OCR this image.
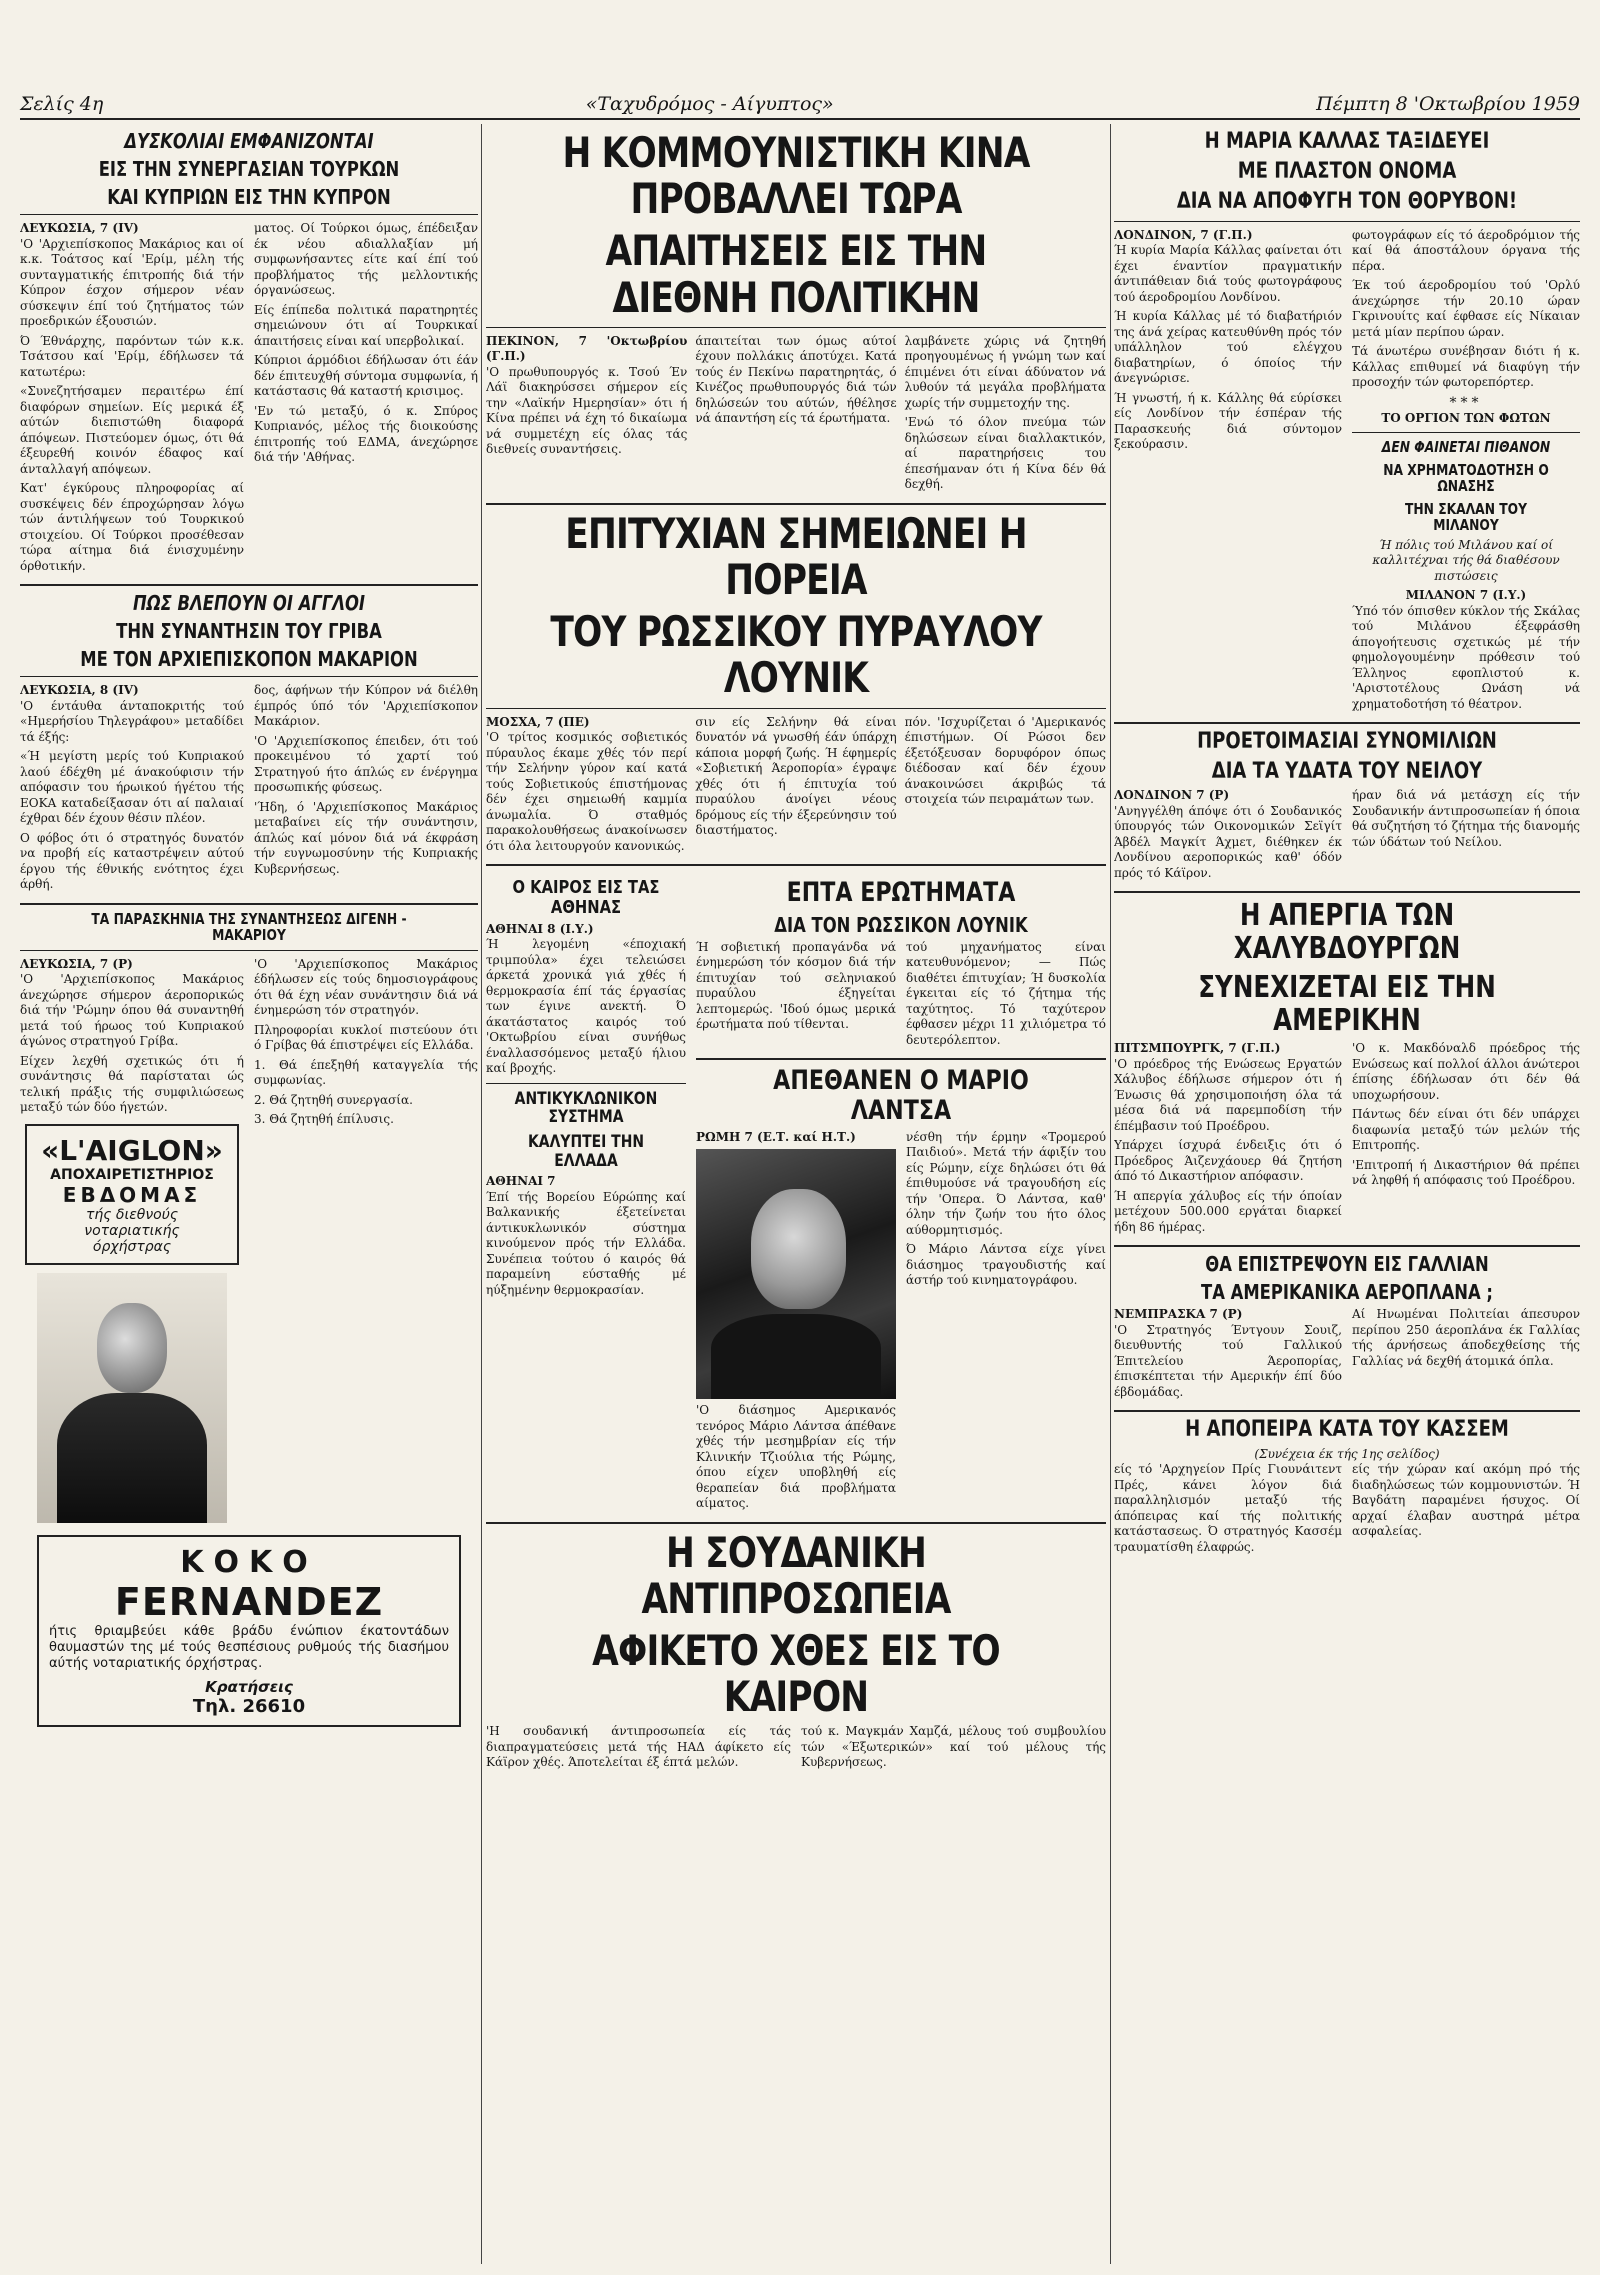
Σελίς 4η	«Ταχυδρόμος - Αίγυπτος»	Πέμπτη 8 'Οκτωβρίου 1959
ΔΥΣΚΟΛΙΑΙ ΕΜΦΑΝΙΖΟΝΤΑΙ
ΕΙΣ ΤΗΝ ΣΥΝΕΡΓΑΣΙΑΝ ΤΟΥΡΚΩΝ
ΚΑΙ ΚΥΠΡΙΩΝ ΕΙΣ ΤΗΝ ΚΥΠΡΟΝ

ΛΕΥΚΩΣΙΑ, 7 (IV)

'Ο 'Αρχιεπίσκοπος Μακάριος και οί κ.κ. Τοάτσος καί 'Ερίμ, μέλη τής συνταγματικής έπιτροπής διά τήν Κύπρον έσχον σήμερον νέαν σύσκεψιν έπί τού ζητήματος τών προεδρικών έξουσιών.

Ό Έθνάρχης, παρόντων τών κ.κ. Τσάτσου καί 'Ερίμ, έδήλωσεν τά κατωτέρω:

«Συνεζητήσαμεν περαιτέρω έπί διαφόρων σημείων. Είς μερικά έξ αύτών διεπιστώθη διαφορά άπόψεων. Πιστεύομεν όμως, ότι θά έξευρεθή κοινόν έδαφος καί άνταλλαγή απόψεων.

Κατ' έγκύρους πληροφορίας αί συσκέψεις δέν έπροχώρησαν λόγω τών άντιλήψεων τού Τουρκικού στοιχείου. Οί Τούρκοι προσέθεσαν τώρα αίτημα διά ένισχυμένην όρθοτικήν.

ματος. Οί Τούρκοι όμως, έπέδειξαν έκ νέου αδιαλλαξίαν μή συμφωνήσαντες είτε καί έπί τού προβλήματος τής μελλοντικής όργανώσεως.

Είς έπίπεδα πολιτικά παρατηρητές σημειώνουν ότι αί Τουρκικαί άπαιτήσεις είναι καί υπερβολικαί.

Κύπριοι άρμόδιοι έδήλωσαν ότι έάν δέν έπιτευχθή σύντομα συμφωνία, ή κατάστασις θά καταστή κρισιμος.

'Εν τώ μεταξύ, ό κ. Σπύρος Κυπριανός, μέλος τής διοικούσης έπιτροπής τού ΕΔΜΑ, άνεχώρησε διά τήν 'Αθήνας.

ΠΩΣ ΒΛΕΠΟΥΝ ΟΙ ΑΓΓΛΟΙ
ΤΗΝ ΣΥΝΑΝΤΗΣΙΝ ΤΟΥ ΓΡΙΒΑ
ΜΕ ΤΟΝ ΑΡΧΙΕΠΙΣΚΟΠΟΝ ΜΑΚΑΡΙΟΝ

ΛΕΥΚΩΣΙΑ, 8 (IV)

'Ο έντάυθα άνταποκριτής τού «Ημερήσίου Τηλεγράφου» μεταδίδει τά έξής:

«Ή μεγίστη μερίς τού Κυπριακού λαού έδέχθη μέ άνακούφισιν τήν απόφασιν του ήρωικού ήγέτου τής ΕΟΚΑ καταδείξασαν ότι αί παλαιαί έχθραι δέν έχουν θέσιν πλέον.

Ο φόβος ότι ό στρατηγός δυνατόν να προβή είς καταστρέψειν αύτού έργου τής έθνικής ενότητος έχει άρθή.

δος, άφήνων τήν Κύπρον νά διέλθη έμπρός ύπό τόν 'Αρχιεπίσκοπον Μακάριον.

'Ο 'Αρχιεπίσκοπος έπειδεν, ότι τού προκειμένου τό χαρτί τού Στρατηγού ήτο άπλώς εν ένέργημα προσωπικής φύσεως.

'Ήδη, ό 'Αρχιεπίσκοπος Μακάριος μεταβαίνει είς τήν συνάντησιν, άπλώς καί μόνον διά νά έκφράση τήν ευγνωμοσύνην τής Κυπριακής Κυβερνήσεως.

ΤΑ ΠΑΡΑΣΚΗΝΙΑ ΤΗΣ ΣΥΝΑΝΤΗΣΕΩΣ ΔΙΓΕΝΗ - ΜΑΚΑΡΙΟΥ

ΛΕΥΚΩΣΙΑ, 7 (P)

'Ο 'Αρχιεπίσκοπος Μακάριος άνεχώρησε σήμερον άεροπορικώς διά τήν 'Ρώμην όπου θά συναντηθή μετά τού ήρωος τού Κυπριακού άγώνος στρατηγού Γρίβα.

Είχεν λεχθή σχετικώς ότι ή συνάντησις θά παρίσταται ώς τελική πράξις τής συμφιλιώσεως μεταξύ τών δύο ήγετών.

«L'AIGLON»
ΑΠΟΧΑΙΡΕΤΙΣΤΗΡΙΟΣ
ΕΒΔΟΜΑΣ
τής διεθνούς
νοταριατικής
όρχήστρας

'Ο 'Αρχιεπίσκοπος Μακάριος έδήλωσεν είς τούς δημοσιογράφους ότι θά έχη νέαν συνάντησιν διά νά ένημερώση τόν στρατηγόν.

Πληροφορίαι κυκλοί πιστεύουν ότι ό Γρίβας θά έπιστρέψει είς Ελλάδα.

1. Θά έπεξηθή καταγγελία τής συμφωνίας.

2. Θά ζητηθή συνεργασία.

3. Θά ζητηθή έπίλυσις.

ΚΟΚΟ
FERNANDEZ

ήτις θριαμβεύει κάθε βράδυ ένώπιον έκατοντάδων θαυμαστών της μέ τούς θεσπέσιους ρυθμούς τής διασήμου αύτής νοταριατικής όρχήστρας.

Κρατήσεις
Τηλ. 26610
Η ΚΟΜΜΟΥΝΙΣΤΙΚΗ ΚΙΝΑ ΠΡΟΒΑΛΛΕΙ ΤΩΡΑ
ΑΠΑΙΤΗΣΕΙΣ ΕΙΣ ΤΗΝ ΔΙΕΘΝΗ ΠΟΛΙΤΙΚΗΝ

ΠΕΚΙΝΟΝ, 7 'Οκτωβρίου (Γ.Π.)

'Ο πρωθυπουργός κ. Τσού Έν Λάϊ διακηρύσσει σήμερον είς την «Λαϊκήν Ημερησίαν» ότι ή Κίνα πρέπει νά έχη τό δικαίωμα νά συμμετέχη είς όλας τάς διεθνείς συναντήσεις.

άπαιτείται των όμως αύτοί έχουν πολλάκις άποτύχει. Κατά τούς έν Πεκίνω παρατηρητάς, ό Κινέζος πρωθυπουργός διά τών δηλώσεών του αύτών, ήθέλησε νά άπαντήση είς τά έρωτήματα.

λαμβάνετε χώρις νά ζητηθή προηγουμένως ή γνώμη των καί έπιμένει ότι είναι άδύνατον νά λυθούν τά μεγάλα προβλήματα χωρίς τήν συμμετοχήν της.

'Ενώ τό όλον πνεύμα τών δηλώσεων είναι διαλλακτικόν, αί παρατηρήσεις του έπεσήμαναν ότι ή Κίνα δέν θά δεχθή.

ΕΠΙΤΥΧΙΑΝ ΣΗΜΕΙΩΝΕΙ Η ΠΟΡΕΙΑ
ΤΟΥ ΡΩΣΣΙΚΟΥ ΠΥΡΑΥΛΟΥ ΛΟΥΝΙΚ

ΜΟΣΧΑ, 7 (ΠΕ)

'Ο τρίτος κοσμικός σοβιετικός πύραυλος έκαμε χθές τόν περί τήν Σελήνην γύρον καί κατά τούς Σοβιετικούς έπιστήμονας δέν έχει σημειωθή καμμία άνωμαλία. Ό σταθμός παρακολουθήσεως άνακοίνωσεν ότι όλα λειτουργούν κανονικώς.

σιν είς Σελήνην θά είναι δυνατόν νά γνωσθή έάν ύπάρχη κάποια μορφή ζωής. Ή έφημερίς «Σοβιετική Άεροπορία» έγραψε χθές ότι ή έπιτυχία τού πυραύλου άνοίγει νέους δρόμους είς τήν έξερεύνησιν τού διαστήματος.

πόν. 'Ισχυρίζεται ό 'Αμερικανός έπιστήμων. Οί Ρώσοι δεν έξετόξευσαν δορυφόρον όπως διέδοσαν καί δέν έχουν άνακοινώσει άκριβώς τά στοιχεία τών πειραμάτων των.

Ο ΚΑΙΡΟΣ ΕΙΣ ΤΑΣ ΑΘΗΝΑΣ

ΑΘΗΝΑΙ 8 (Ι.Υ.)

Ή λεγομένη «έποχιακή τριμπούλα» έχει τελειώσει άρκετά χρονικά γιά χθές ή θερμοκρασία έπί τάς έργασίας των έγινε ανεκτή. Ό άκατάστατος καιρός τού 'Οκτωβρίου είναι συνήθως έναλλασσόμενος μεταξύ ήλιου καί βροχής.

ΑΝΤΙΚΥΚΛΩΝΙΚΟΝ ΣΥΣΤΗΜΑ
ΚΑΛΥΠΤΕΙ ΤΗΝ ΕΛΛΑΔΑ

ΑΘΗΝΑΙ 7

Έπί τής Βορείου Εύρώπης καί Βαλκανικής έξετείνεται άντικυκλωνικόν σύστημα κινούμενον πρός τήν Ελλάδα. Συνέπεια τούτου ό καιρός θά παραμείνη εύσταθής μέ ηύξημένην θερμοκρασίαν.

ΕΠΤΑ ΕΡΩΤΗΜΑΤΑ
ΔΙΑ ΤΟΝ ΡΩΣΣΙΚΟΝ ΛΟΥΝΙΚ

Ή σοβιετική προπαγάνδα νά ένημερώση τόν κόσμον διά τήν έπιτυχίαν τού σεληνιακού πυραύλου έξηγείται λεπτομερώς. 'Ιδού όμως μερικά έρωτήματα πού τίθενται.

τού μηχανήματος είναι κατευθυνόμενον; — Πώς διαθέτει έπιτυχίαν; Ή δυσκολία έγκειται είς τό ζήτημα τής ταχύτητος. Τό ταχύτερον έφθασεν μέχρι 11 χιλιόμετρα τό δευτερόλεπτον.

ΑΠΕΘΑΝΕΝ Ο ΜΑΡΙΟ ΛΑΝΤΣΑ

ΡΩΜΗ 7 (Ε.Τ. καί Η.Τ.)

'Ο διάσημος Αμερικανός τενόρος Μάριο Λάντσα άπέθανε χθές τήν μεσημβρίαν είς τήν Κλινικήν Τζιούλια τής Ρώμης, όπου είχεν υποβληθή είς θεραπείαν διά προβλήματα αίματος.

νέσθη τήν έρμην «Τρομερού Παιδιού». Μετά τήν άφιξίν του είς Ρώμην, είχε δηλώσει ότι θά έπιθυμούσε νά τραγουδήση είς τήν 'Οπερα. Ό Λάντσα, καθ' όλην τήν ζωήν του ήτο όλος αύθορμητισμός.

Ό Μάριο Λάντσα είχε γίνει διάσημος τραγουδιστής καί άστήρ τού κινηματογράφου.

Η ΣΟΥΔΑΝΙΚΗ ΑΝΤΙΠΡΟΣΩΠΕΙΑ
ΑΦΙΚΕΤΟ ΧΘΕΣ ΕΙΣ ΤΟ ΚΑΙΡΟΝ

'Η σουδανική άντιπροσωπεία είς τάς διαπραγματεύσεις μετά τής ΗΑΔ άφίκετο είς Κάϊρον χθές. Άποτελείται έξ έπτά μελών.

τού κ. Μαγκμάν Χαμζά, μέλους τού συμβουλίου τών «Έξωτερικών» καί τού μέλους τής Κυβερνήσεως.

Η ΜΑΡΙΑ ΚΑΛΛΑΣ ΤΑΞΙΔΕΥΕΙ
ΜΕ ΠΛΑΣΤΟΝ ΟΝΟΜΑ
ΔΙΑ ΝΑ ΑΠΟΦΥΓΗ ΤΟΝ ΘΟΡΥΒΟΝ!

ΛΟΝΔΙΝΟΝ, 7 (Γ.Π.)

Ή κυρία Μαρία Κάλλας φαίνεται ότι έχει έναντίον πραγματικήν άντιπάθειαν διά τούς φωτογράφους τού άεροδρομίου Λονδίνου.

Ή κυρία Κάλλας μέ τό διαβατήριόν της άνά χείρας κατευθύνθη πρός τόν υπάλληλον τού ελέγχου διαβατηρίων, ό όποίος τήν άνεγνώρισε.

Ή γνωστή, ή κ. Κάλλης θά εύρίσκει είς Λονδίνον τήν έσπέραν τής Παρασκευής διά σύντομον ξεκούρασιν.

φωτογράφων είς τό άεροδρόμιον τής καί θά άποστάλουν όργανα τής πέρα.

Έκ τού άεροδρομίου τού 'Ορλύ άνεχώρησε τήν 20.10 ώραν Γκρινουίτς καί έφθασε είς Νίκαιαν μετά μίαν περίπου ώραν.

Τά άνωτέρω συνέβησαν διότι ή κ. Κάλλας επιθυμεί νά διαφύγη τήν προσοχήν τών φωτορεπόρτερ.

***
ΤΟ ΟΡΓΙΟΝ ΤΩΝ ΦΩΤΩΝ
ΔΕΝ ΦΑΙΝΕΤΑΙ ΠΙΘΑΝΟΝ
ΝΑ ΧΡΗΜΑΤΟΔΟΤΗΣΗ Ο ΩΝΑΣΗΣ
ΤΗΝ ΣΚΑΛΑΝ ΤΟΥ ΜΙΛΑΝΟΥ

Ή πόλις τού Μιλάνου καί οί καλλιτέχναι τής θά διαθέσουν πιστώσεις

ΜΙΛΑΝΟΝ 7 (Ι.Υ.)

Ύπό τόν όπισθεν κύκλον τής Σκάλας τού Μιλάνου έξεφράσθη άπογοήτευσις σχετικώς μέ τήν φημολογουμένην πρόθεσιν τού Έλληνος εφοπλιστού κ. 'Αριστοτέλους Ωνάση νά χρηματοδοτήση τό θέατρον.

ΠΡΟΕΤΟΙΜΑΣΙΑΙ ΣΥΝΟΜΙΛΙΩΝ
ΔΙΑ ΤΑ ΥΔΑΤΑ ΤΟΥ ΝΕΙΛΟΥ

ΛΟΝΔΙΝΟΝ 7 (P)

'Ανηγγέλθη άπόψε ότι ό Σουδανικός ύπουργός τών Οικονομικών Σεϊγίτ Άβδέλ Μαγκίτ Άχμετ, διέθηκεν έκ Λονδίνου αεροπορικώς καθ' όδόν πρός τό Κάϊρον.

ήραν διά νά μετάσχη είς τήν Σουδανικήν άντιπροσωπείαν ή όποια θά συζητήση τό ζήτημα τής διανομής τών ύδάτων τού Νείλου.

Η ΑΠΕΡΓΙΑ ΤΩΝ ΧΑΛΥΒΔΟΥΡΓΩΝ
ΣΥΝΕΧΙΖΕΤΑΙ ΕΙΣ ΤΗΝ ΑΜΕΡΙΚΗΝ

ΠΙΤΣΜΠΟΥΡΓΚ, 7 (Γ.Π.)

'Ο πρόεδρος τής Ενώσεως Εργατών Χάλυβος έδήλωσε σήμερον ότι ή Ένωσις θά χρησιμοποιήση όλα τά μέσα διά νά παρεμποδίση τήν έπέμβασιν τού Προέδρου.

Υπάρχει ίσχυρά ένδειξις ότι ό Πρόεδρος Άιζενχάουερ θά ζητήση άπό τό Δικαστήριον απόφασιν.

Ή απεργία χάλυβος είς τήν όποίαν μετέχουν 500.000 εργάται διαρκεί ήδη 86 ήμέρας.

'Ο κ. Μακδόναλδ πρόεδρος τής Ενώσεως καί πολλοί άλλοι άνώτεροι έπίσης έδήλωσαν ότι δέν θά υποχωρήσουν.

Πάντως δέν είναι ότι δέν υπάρχει διαφωνία μεταξύ τών μελών τής Επιτροπής.

'Επιτροπή ή Δικαστήριον θά πρέπει νά ληφθή ή απόφασις τού Προέδρου.

ΘΑ ΕΠΙΣΤΡΕΨΟΥΝ ΕΙΣ ΓΑΛΛΙΑΝ
ΤΑ ΑΜΕΡΙΚΑΝΙΚΑ ΑΕΡΟΠΛΑΝΑ ;

ΝΕΜΠΡΑΣΚΑ 7 (P)

'Ο Στρατηγός Έντγουν Σουιζ, διευθυντής τού Γαλλικού Έπιτελείου Άεροπορίας, έπισκέπτεται τήν Αμερικήν έπί δύο έβδομάδας.

Αί Ηνωμέναι Πολιτείαι άπεσυρον περίπου 250 άεροπλάνα έκ Γαλλίας τής άρνήσεως άποδεχθείσης τής Γαλλίας νά δεχθή άτομικά όπλα.

Η ΑΠΟΠΕΙΡΑ ΚΑΤΑ ΤΟΥ ΚΑΣΣΕΜ

(Συνέχεια έκ τής 1ης σελίδος)

είς τό 'Αρχηγείον Πρίς Γιουνάιτεντ Πρές, κάνει λόγον διά παραλληλισμόν μεταξύ τής άπόπειρας καί τής πολιτικής κατάστασεως. Ό στρατηγός Κασσέμ τραυματίσθη έλαφρώς.

είς τήν χώραν καί ακόμη πρό τής διαδηλώσεως τών κομμουνιστών. Ή Βαγδάτη παραμένει ήσυχος. Οί αρχαί έλαβαν αυστηρά μέτρα ασφαλείας.
